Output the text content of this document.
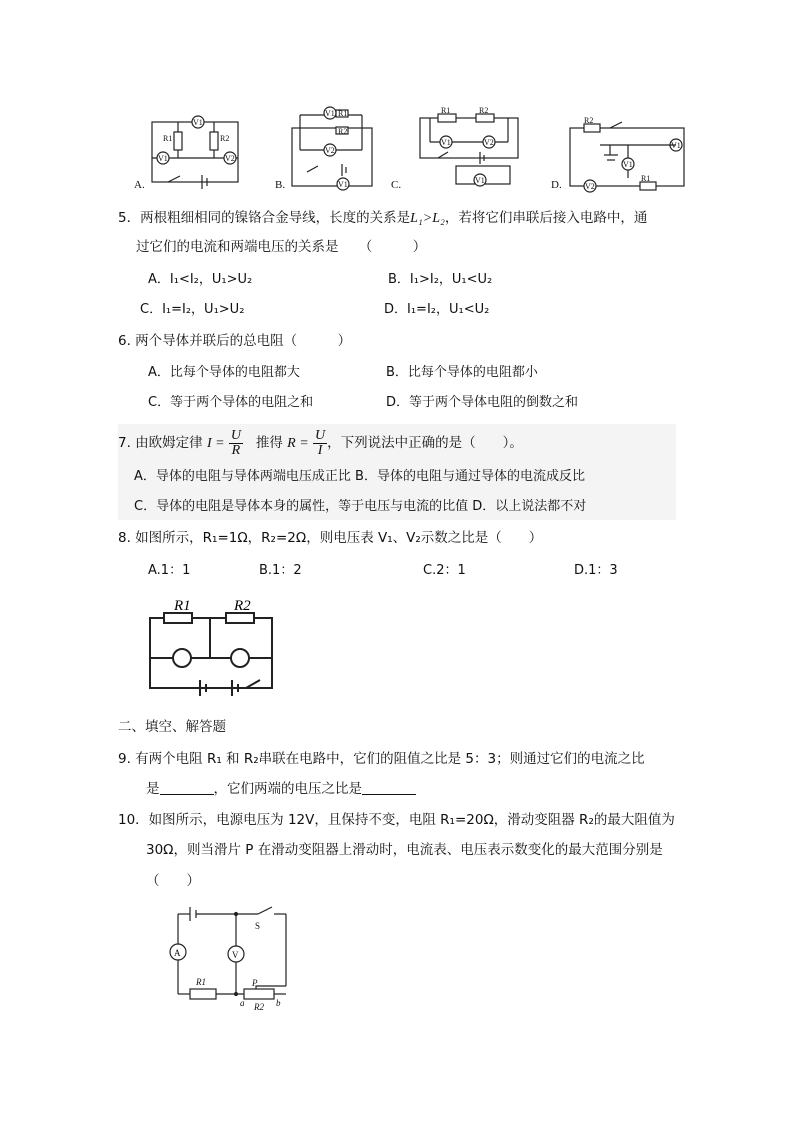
R1	R2
V1
V1	V2
R1
R2
V1
V2
V1
R1	R2
V1	V2
V1
R2
V1
V1
V2
R1
A.	B.	C.	D.
5．两根粗细相同的镍铬合金导线，长度的关系是L₁>L₂，若将它们串联后接入电路中，通
过它们的电流和两端电压的关系是　　（　　　）
A．I₁<I₂，U₁>U₂	B．I₁>I₂，U₁<U₂
C．I₁=I₂，U₁>U₂	D．I₁=I₂，U₁<U₂
6. 两个导体并联后的总电阻（　　　）
A．比每个导体的电阻都大	B．比每个导体的电阻都小
C．等于两个导体的电阻之和	D．等于两个导体电阻的倒数之和
7. 由欧姆定律 $I = \frac{U}{R}$ 推得 $R = \frac{U}{I}$ ，下列说法中正确的是（　　）。
A．导体的电阻与导体两端电压成正比 B．导体的电阻与通过导体的电流成反比
C．导体的电阻是导体本身的属性，等于电压与电流的比值 D．以上说法都不对
8. 如图所示，R₁=1Ω，R₂=2Ω，则电压表 V₁、V₂示数之比是（　　）
A.1：1	B.1：2	C.2：1	D.1：3
R1	R2
二、填空、解答题
9. 有两个电阻 R₁ 和 R₂串联在电路中，它们的阻值之比是 5：3；则通过它们的电流之比
是	，它们两端的电压之比是
10．如图所示，电源电压为 12V，且保持不变，电阻 R₁=20Ω，滑动变阻器 R₂的最大阻值为
30Ω，则当滑片 P 在滑动变阻器上滑动时，电流表、电压表示数变化的最大范围分别是
（　　）
A	V
S
R1
R2
P
a	b
